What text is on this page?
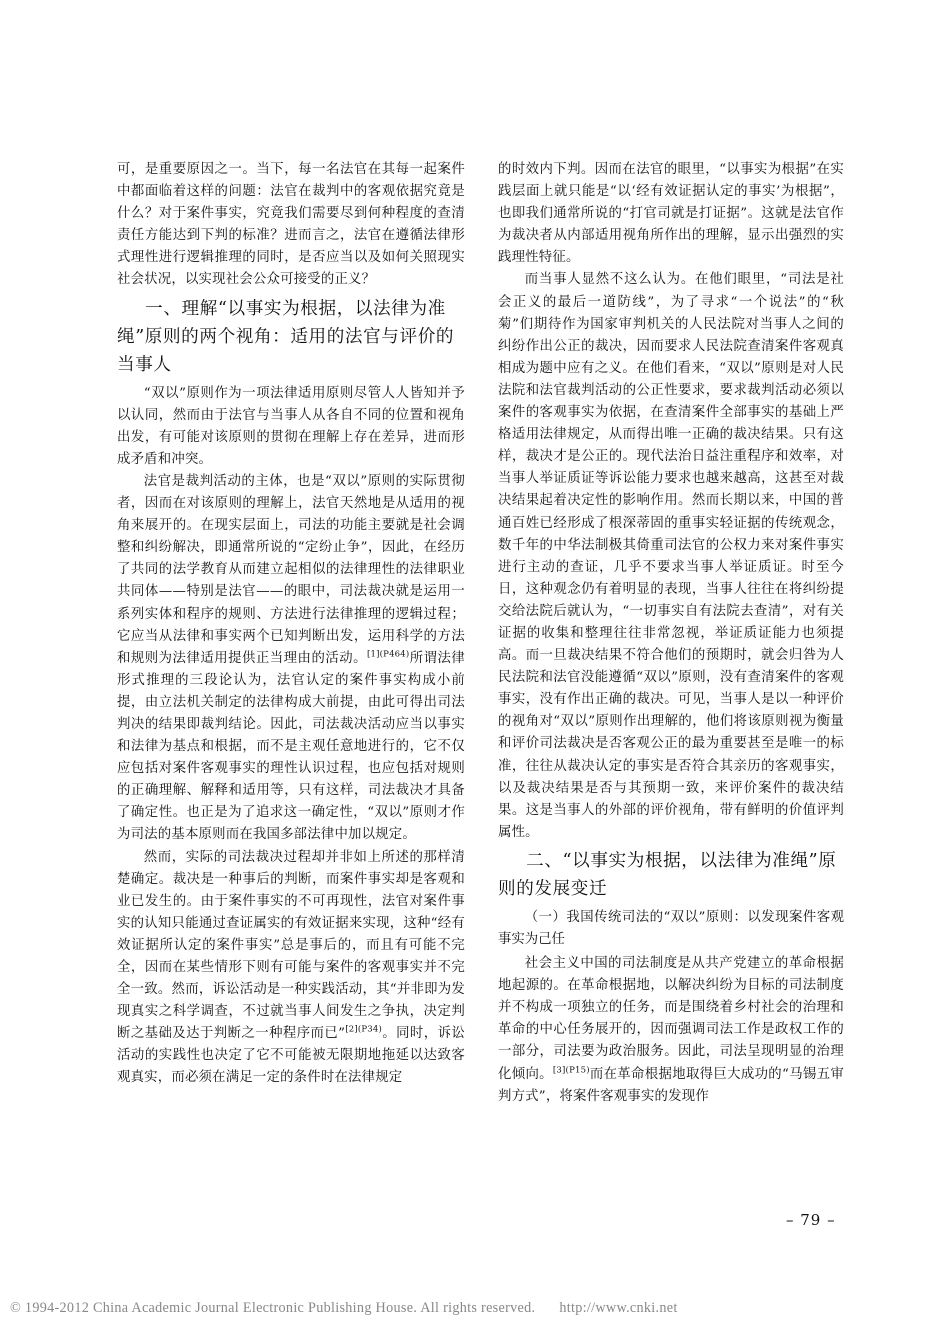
可，是重要原因之一。当下，每一名法官在其每一起案件中都面临着这样的问题：法官在裁判中的客观依据究竟是什么？对于案件事实，究竟我们需要尽到何种程度的查清责任方能达到下判的标准？进而言之，法官在遵循法律形式理性进行逻辑推理的同时，是否应当以及如何关照现实社会状况，以实现社会公众可接受的正义？

一、理解“以事实为根据，以法律为准绳”原则的两个视角：适用的法官与评价的当事人

“双以”原则作为一项法律适用原则尽管人人皆知并予以认同，然而由于法官与当事人从各自不同的位置和视角出发，有可能对该原则的贯彻在理解上存在差异，进而形成矛盾和冲突。

法官是裁判活动的主体，也是“双以”原则的实际贯彻者，因而在对该原则的理解上，法官天然地是从适用的视角来展开的。在现实层面上，司法的功能主要就是社会调整和纠纷解决，即通常所说的“定纷止争”，因此，在经历了共同的法学教育从而建立起相似的法律理性的法律职业共同体——特别是法官——的眼中，司法裁决就是运用一系列实体和程序的规则、方法进行法律推理的逻辑过程；它应当从法律和事实两个已知判断出发，运用科学的方法和规则为法律适用提供正当理由的活动。$^{[1](P464)}$所谓法律形式推理的三段论认为，法官认定的案件事实构成小前提，由立法机关制定的法律构成大前提，由此可得出司法判决的结果即裁判结论。因此，司法裁决活动应当以事实和法律为基点和根据，而不是主观任意地进行的，它不仅应包括对案件客观事实的理性认识过程，也应包括对规则的正确理解、解释和适用等，只有这样，司法裁决才具备了确定性。也正是为了追求这一确定性，“双以”原则才作为司法的基本原则而在我国多部法律中加以规定。

然而，实际的司法裁决过程却并非如上所述的那样清楚确定。裁决是一种事后的判断，而案件事实却是客观和业已发生的。由于案件事实的不可再现性，法官对案件事实的认知只能通过查证属实的有效证据来实现，这种“经有效证据所认定的案件事实”总是事后的，而且有可能不完全，因而在某些情形下则有可能与案件的客观事实并不完全一致。然而，诉讼活动是一种实践活动，其“并非即为发现真实之科学调查，不过就当事人间发生之争执，决定判断之基础及达于判断之一种程序而已”$^{[2](P34)}$。同时，诉讼活动的实践性也决定了它不可能被无限期地拖延以达致客观真实，而必须在满足一定的条件时在法律规定

的时效内下判。因而在法官的眼里，“以事实为根据”在实践层面上就只能是“以‘经有效证据认定的事实’为根据”，也即我们通常所说的“打官司就是打证据”。这就是法官作为裁决者从内部适用视角所作出的理解，显示出强烈的实践理性特征。

而当事人显然不这么认为。在他们眼里，“司法是社会正义的最后一道防线”，为了寻求“一个说法”的“秋菊”们期待作为国家审判机关的人民法院对当事人之间的纠纷作出公正的裁决，因而要求人民法院查清案件客观真相成为题中应有之义。在他们看来，“双以”原则是对人民法院和法官裁判活动的公正性要求，要求裁判活动必须以案件的客观事实为依据，在查清案件全部事实的基础上严格适用法律规定，从而得出唯一正确的裁决结果。只有这样，裁决才是公正的。现代法治日益注重程序和效率，对当事人举证质证等诉讼能力要求也越来越高，这甚至对裁决结果起着决定性的影响作用。然而长期以来，中国的普通百姓已经形成了根深蒂固的重事实轻证据的传统观念，数千年的中华法制极其倚重司法官的公权力来对案件事实进行主动的查证，几乎不要求当事人举证质证。时至今日，这种观念仍有着明显的表现，当事人往往在将纠纷提交给法院后就认为，“一切事实自有法院去查清”，对有关证据的收集和整理往往非常忽视，举证质证能力也须提高。而一旦裁决结果不符合他们的预期时，就会归咎为人民法院和法官没能遵循“双以”原则，没有查清案件的客观事实，没有作出正确的裁决。可见，当事人是以一种评价的视角对“双以”原则作出理解的，他们将该原则视为衡量和评价司法裁决是否客观公正的最为重要甚至是唯一的标准，往往从裁决认定的事实是否符合其亲历的客观事实，以及裁决结果是否与其预期一致，来评价案件的裁决结果。这是当事人的外部的评价视角，带有鲜明的价值评判属性。

二、“以事实为根据，以法律为准绳”原则的发展变迁
（一）我国传统司法的“双以”原则：以发现案件客观事实为己任

社会主义中国的司法制度是从共产党建立的革命根据地起源的。在革命根据地，以解决纠纷为目标的司法制度并不构成一项独立的任务，而是围绕着乡村社会的治理和革命的中心任务展开的，因而强调司法工作是政权工作的一部分，司法要为政治服务。因此，司法呈现明显的治理化倾向。$^{[3](P15)}$而在革命根据地取得巨大成功的“马锡五审判方式”，将案件客观事实的发现作

– 79 –
© 1994-2012 China Academic Journal Electronic Publishing House. All rights reserved. http://www.cnki.net
